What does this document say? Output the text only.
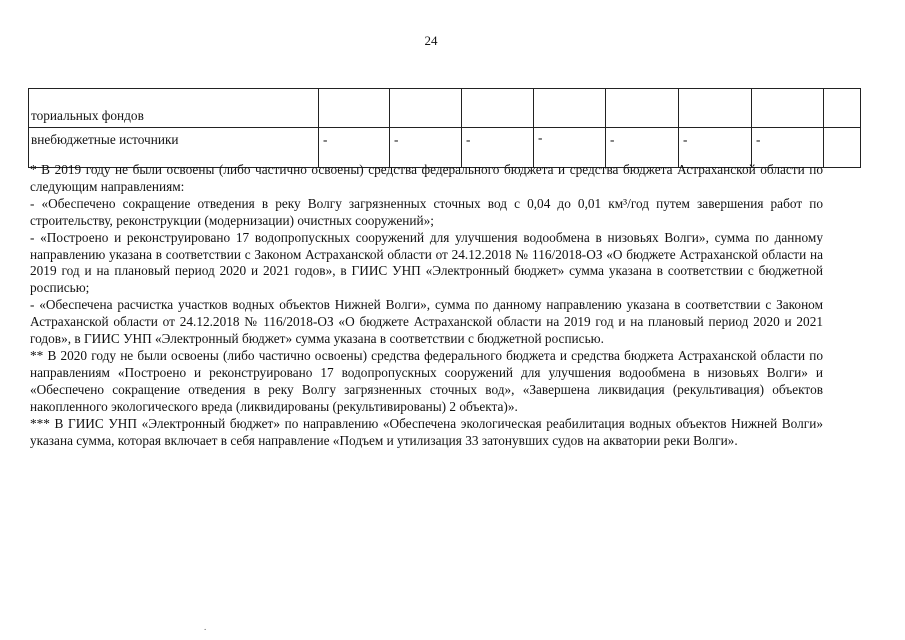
24
ториальных фондов								
внебюджетные источники	-	-	-	-	-	-	-	

* В 2019 году не были освоены (либо частично освоены) средства федерального бюджета и средства бюджета Астраханской области по следующим направлениям:

- «Обеспечено сокращение отведения в реку Волгу загрязненных сточных вод с 0,04 до 0,01 км³/год путем завершения работ по строительству, реконструкции (модернизации) очистных сооружений»;

- «Построено и реконструировано 17 водопропускных сооружений для улучшения водообмена в низовьях Волги», сумма по данному направлению указана в соответствии с Законом Астраханской области от 24.12.2018 № 116/2018-ОЗ «О бюджете Астраханской области на 2019 год и на плановый период 2020 и 2021 годов», в ГИИС УНП «Электронный бюджет» сумма указана в соответствии с бюджетной росписью;

- «Обеспечена расчистка участков водных объектов Нижней Волги», сумма по данному направлению указана в соответствии с Законом Астраханской области от 24.12.2018 № 116/2018-ОЗ «О бюджете Астраханской области на 2019 год и на плановый период 2020 и 2021 годов», в ГИИС УНП «Электронный бюджет» сумма указана в соответствии с бюджетной росписью.

** В 2020 году не были освоены (либо частично освоены) средства федерального бюджета и средства бюджета Астраханской области по направлениям «Построено и реконструировано 17 водопропускных сооружений для улучшения водообмена в низовьях Волги» и «Обеспечено сокращение отведения в реку Волгу загрязненных сточных вод», «Завершена ликвидация (рекультивация) объектов накопленного экологического вреда (ликвидированы (рекультивированы) 2 объекта)».

*** В ГИИС УНП «Электронный бюджет» по направлению «Обеспечена экологическая реабилитация водных объектов Нижней Волги» указана сумма, которая включает в себя направление «Подъем и утилизация 33 затонувших судов на акватории реки Волги».

.
